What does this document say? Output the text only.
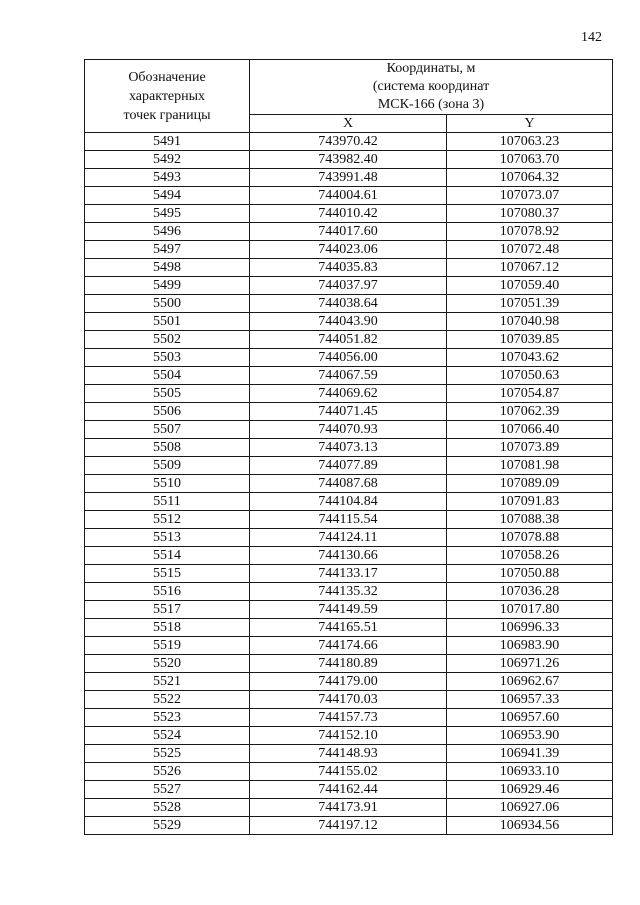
142
Обозначение
характерных
точек границы	Координаты, м
(система координат
МСК-166 (зона 3)	

	X	Y
5491	743970.42	107063.23
5492	743982.40	107063.70
5493	743991.48	107064.32
5494	744004.61	107073.07
5495	744010.42	107080.37
5496	744017.60	107078.92
5497	744023.06	107072.48
5498	744035.83	107067.12
5499	744037.97	107059.40
5500	744038.64	107051.39
5501	744043.90	107040.98
5502	744051.82	107039.85
5503	744056.00	107043.62
5504	744067.59	107050.63
5505	744069.62	107054.87
5506	744071.45	107062.39
5507	744070.93	107066.40
5508	744073.13	107073.89
5509	744077.89	107081.98
5510	744087.68	107089.09
5511	744104.84	107091.83
5512	744115.54	107088.38
5513	744124.11	107078.88
5514	744130.66	107058.26
5515	744133.17	107050.88
5516	744135.32	107036.28
5517	744149.59	107017.80
5518	744165.51	106996.33
5519	744174.66	106983.90
5520	744180.89	106971.26
5521	744179.00	106962.67
5522	744170.03	106957.33
5523	744157.73	106957.60
5524	744152.10	106953.90
5525	744148.93	106941.39
5526	744155.02	106933.10
5527	744162.44	106929.46
5528	744173.91	106927.06
5529	744197.12	106934.56
